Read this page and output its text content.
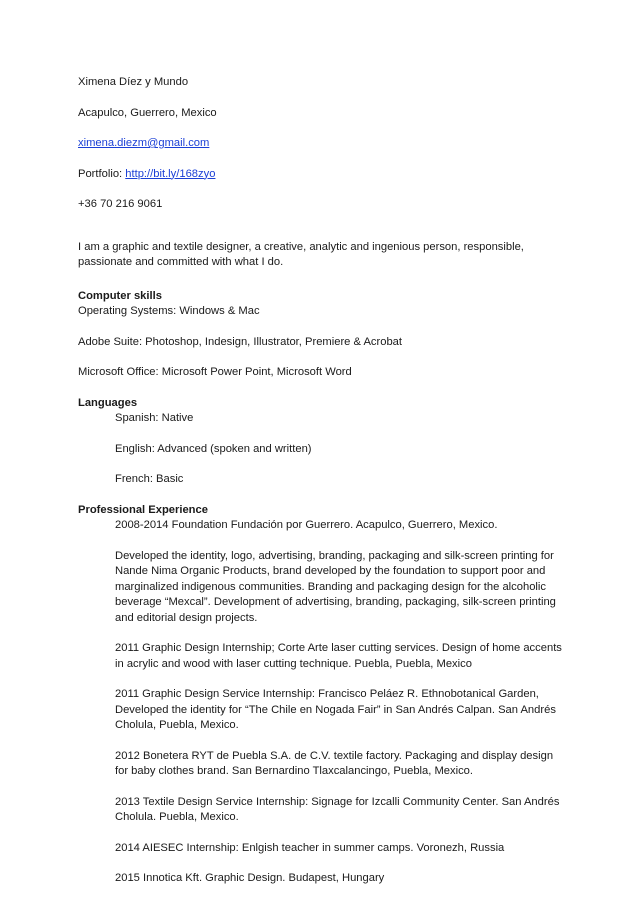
Ximena Díez y Mundo

Acapulco, Guerrero, Mexico

ximena.diezm@gmail.com

Portfolio: http://bit.ly/168zyo

+36 70 216 9061

I am a graphic and textile designer, a creative, analytic and ingenious person, responsible, passionate and committed with what I do.

Computer skills

Operating Systems: Windows & Mac

Adobe Suite: Photoshop, Indesign, Illustrator, Premiere & Acrobat

Microsoft Office: Microsoft Power Point, Microsoft Word

Languages

Spanish: Native

English: Advanced (spoken and written)

French: Basic

Professional Experience

2008-2014 Foundation Fundación por Guerrero. Acapulco, Guerrero, Mexico.

Developed the identity, logo, advertising, branding, packaging and silk-screen printing for Nande Nima Organic Products, brand developed by the foundation to support poor and marginalized indigenous communities. Branding and packaging design for the alcoholic beverage “Mexcal”. Development of advertising, branding, packaging, silk-screen printing and editorial design projects.

2011 Graphic Design Internship; Corte Arte laser cutting services. Design of home accents in acrylic and wood with laser cutting technique. Puebla, Puebla, Mexico

2011 Graphic Design Service Internship: Francisco Peláez R. Ethnobotanical Garden, Developed the identity for “The Chile en Nogada Fair” in San Andrés Calpan. San Andrés Cholula, Puebla, Mexico.

2012 Bonetera RYT de Puebla S.A. de C.V. textile factory. Packaging and display design for baby clothes brand. San Bernardino Tlaxcalancingo, Puebla, Mexico.

2013 Textile Design Service Internship: Signage for Izcalli Community Center. San Andrés Cholula. Puebla, Mexico.

2014 AIESEC Internship: Enlgish teacher in summer camps. Voronezh, Russia

2015 Innotica Kft. Graphic Design. Budapest, Hungary
